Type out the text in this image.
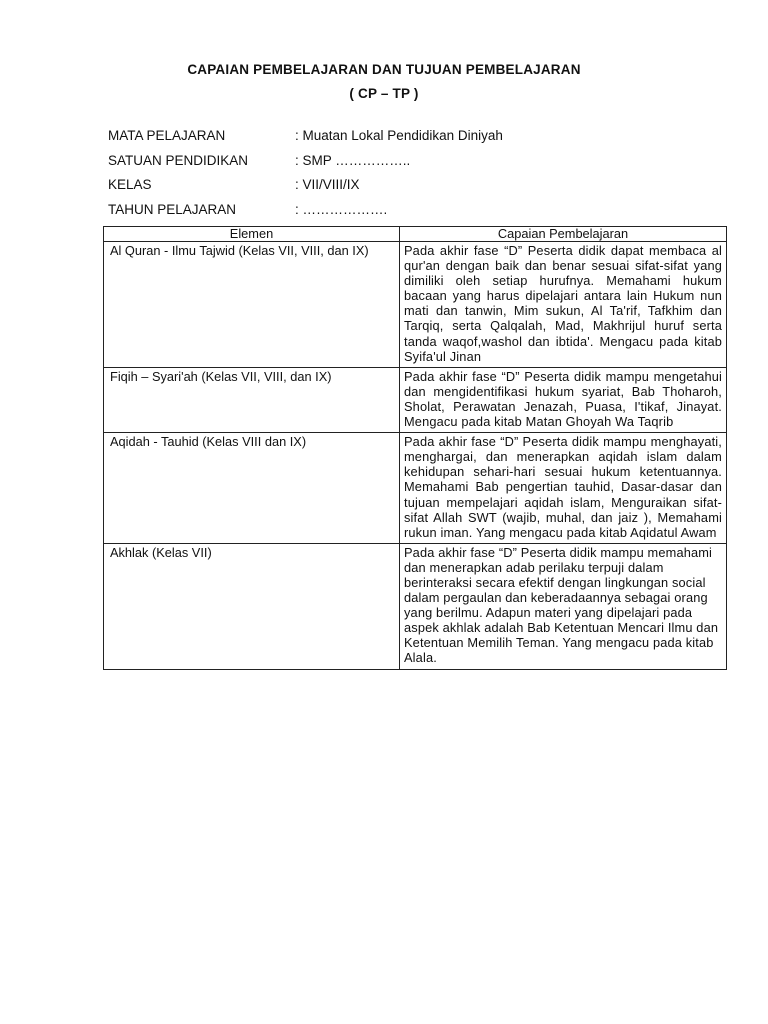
CAPAIAN PEMBELAJARAN DAN TUJUAN PEMBELAJARAN
( CP – TP )
MATA PELAJARAN	: Muatan Lokal Pendidikan Diniyah
SATUAN PENDIDIKAN	: SMP ……………..
KELAS	: VII/VIII/IX
TAHUN PELAJARAN	: ……………….
Elemen	Capaian Pembelajaran
Al Quran - Ilmu Tajwid (Kelas VII, VIII, dan IX)	Pada akhir fase “D” Peserta didik dapat membaca al qur'an dengan baik dan benar sesuai sifat-sifat yang dimiliki oleh setiap hurufnya. Memahami hukum bacaan yang harus dipelajari antara lain Hukum nun mati dan tanwin, Mim sukun, Al Ta'rif, Tafkhim dan Tarqiq, serta Qalqalah, Mad, Makhrijul huruf serta tanda waqof,washol dan ibtida'. Mengacu pada kitab Syifa'ul Jinan
Fiqih – Syari'ah (Kelas VII, VIII, dan IX)	Pada akhir fase “D” Peserta didik mampu mengetahui dan mengidentifikasi hukum syariat, Bab Thoharoh, Sholat, Perawatan Jenazah, Puasa, I'tikaf, Jinayat. Mengacu pada kitab Matan Ghoyah Wa Taqrib
Aqidah - Tauhid (Kelas VIII dan IX)	Pada akhir fase “D” Peserta didik mampu menghayati, menghargai, dan menerapkan aqidah islam dalam kehidupan sehari-hari sesuai hukum ketentuannya. Memahami Bab pengertian tauhid, Dasar-dasar dan tujuan mempelajari aqidah islam, Menguraikan sifat-sifat Allah SWT (wajib, muhal, dan jaiz ), Memahami rukun iman. Yang mengacu pada kitab Aqidatul Awam
Akhlak (Kelas VII)	Pada akhir fase “D” Peserta didik mampu memahami dan menerapkan adab perilaku terpuji dalam berinteraksi secara efektif dengan lingkungan social dalam pergaulan dan keberadaannya sebagai orang yang berilmu. Adapun materi yang dipelajari pada aspek akhlak adalah Bab Ketentuan Mencari Ilmu dan Ketentuan Memilih Teman. Yang mengacu pada kitab Alala.
